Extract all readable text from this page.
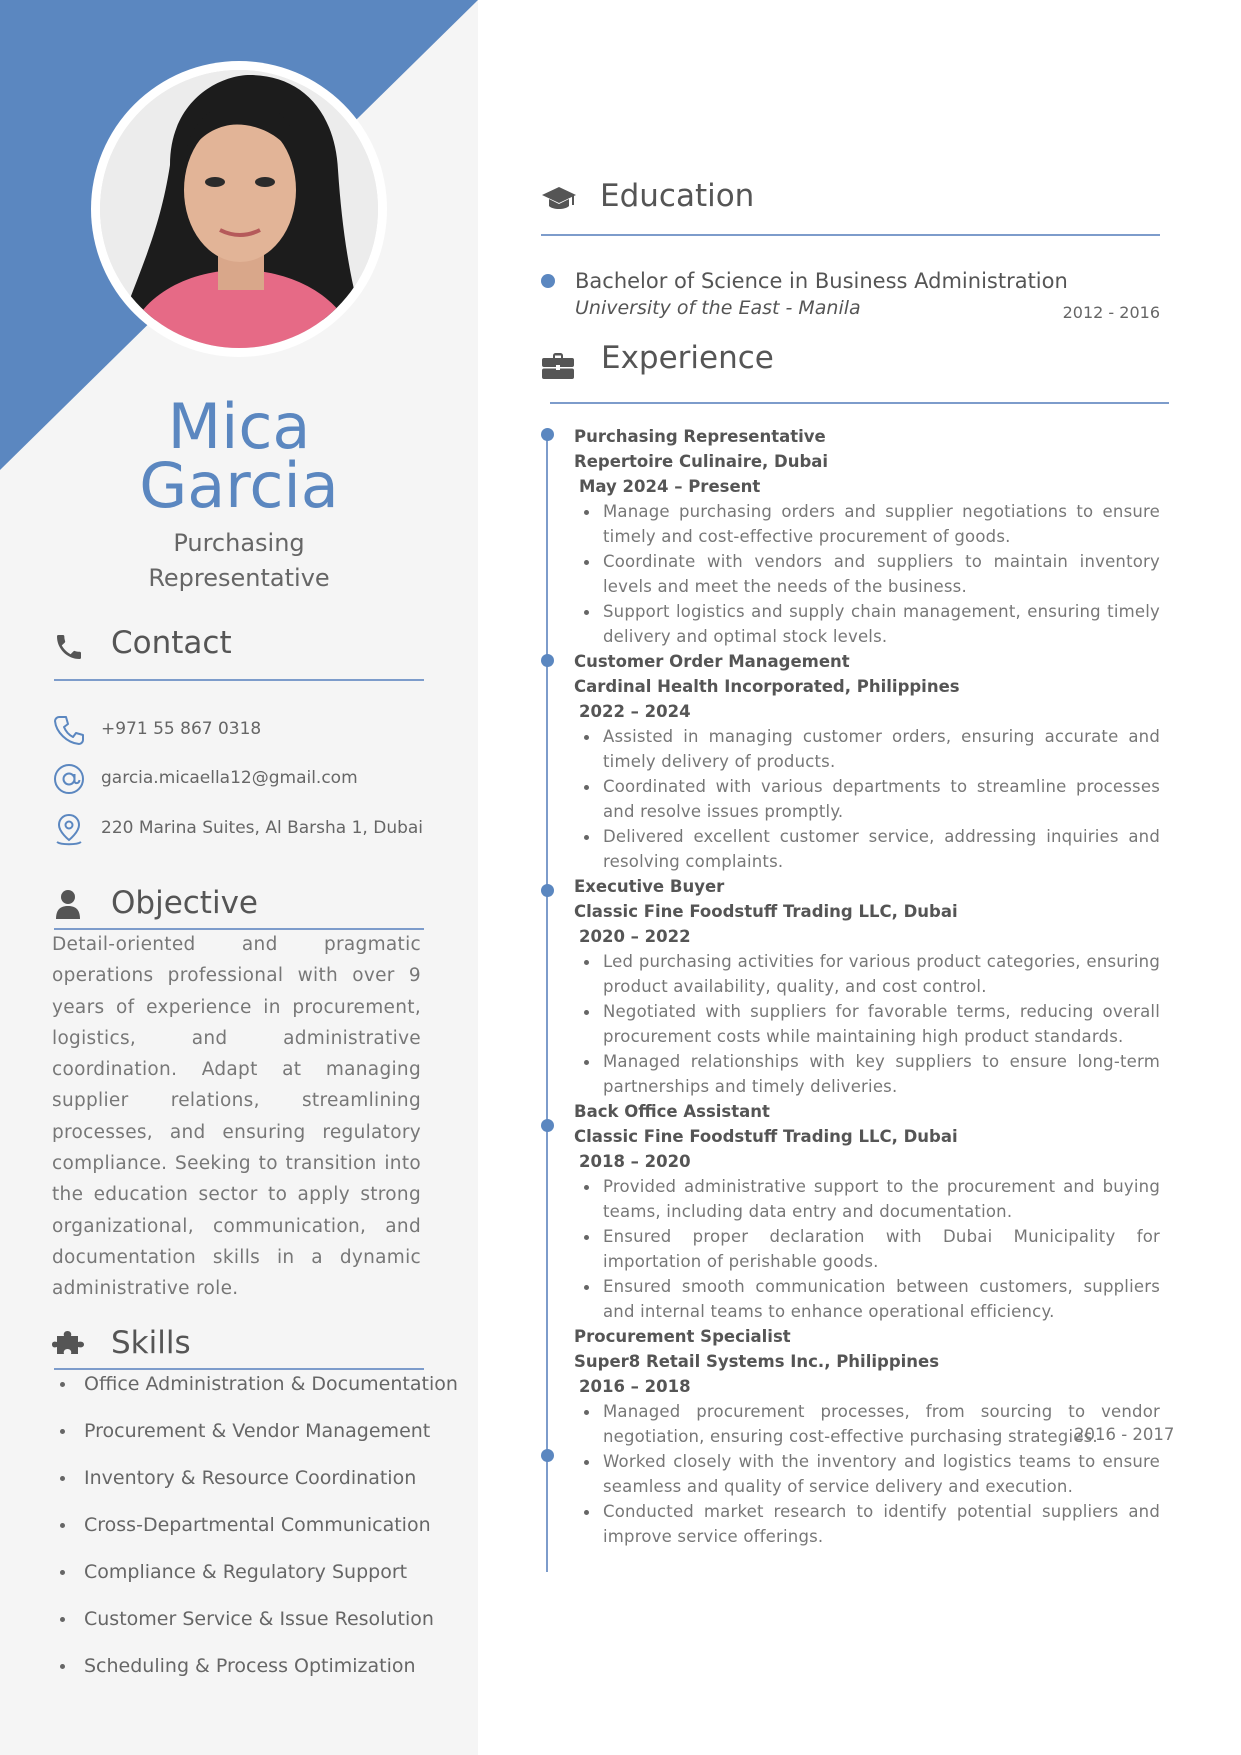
Mica
Garcia
Purchasing
Representative
Contact
+971 55 867 0318
garcia.micaella12@gmail.com
220 Marina Suites, Al Barsha 1, Dubai
Objective
Detail-oriented and pragmatic operations professional with over 9 years of experience in procurement, logistics, and administrative coordination. Adapt at managing supplier relations, streamlining processes, and ensuring regulatory compliance. Seeking to transition into the education sector to apply strong organizational, communication, and documentation skills in a dynamic administrative role.
Skills
Office Administration & Documentation
Procurement & Vendor Management
Inventory & Resource Coordination
Cross-Departmental Communication
Compliance & Regulatory Support
Customer Service & Issue Resolution
Scheduling & Process Optimization
Education
Bachelor of Science in Business Administration
University of the East - Manila	2012 - 2016
Experience
Purchasing Representative
Repertoire Culinaire, Dubai
May 2024 – Present
Manage purchasing orders and supplier negotiations to ensure timely and cost-effective procurement of goods.
Coordinate with vendors and suppliers to maintain inventory levels and meet the needs of the business.
Support logistics and supply chain management, ensuring timely delivery and optimal stock levels.
Customer Order Management
Cardinal Health Incorporated, Philippines
2022 – 2024
Assisted in managing customer orders, ensuring accurate and timely delivery of products.
Coordinated with various departments to streamline processes and resolve issues promptly.
Delivered excellent customer service, addressing inquiries and resolving complaints.
Executive Buyer
Classic Fine Foodstuff Trading LLC, Dubai
2020 – 2022
Led purchasing activities for various product categories, ensuring product availability, quality, and cost control.
Negotiated with suppliers for favorable terms, reducing overall procurement costs while maintaining high product standards.
Managed relationships with key suppliers to ensure long-term partnerships and timely deliveries.
Back Office Assistant
Classic Fine Foodstuff Trading LLC, Dubai
2018 – 2020
Provided administrative support to the procurement and buying teams, including data entry and documentation.
Ensured proper declaration with Dubai Municipality for importation of perishable goods.
Ensured smooth communication between customers, suppliers and internal teams to enhance operational efficiency.
Procurement Specialist
Super8 Retail Systems Inc., Philippines
2016 – 2018
Managed procurement processes, from sourcing to vendor negotiation, ensuring cost-effective purchasing strategies.
Worked closely with the inventory and logistics teams to ensure seamless and quality of service delivery and execution.
Conducted market research to identify potential suppliers and improve service offerings.
2016 - 2017
